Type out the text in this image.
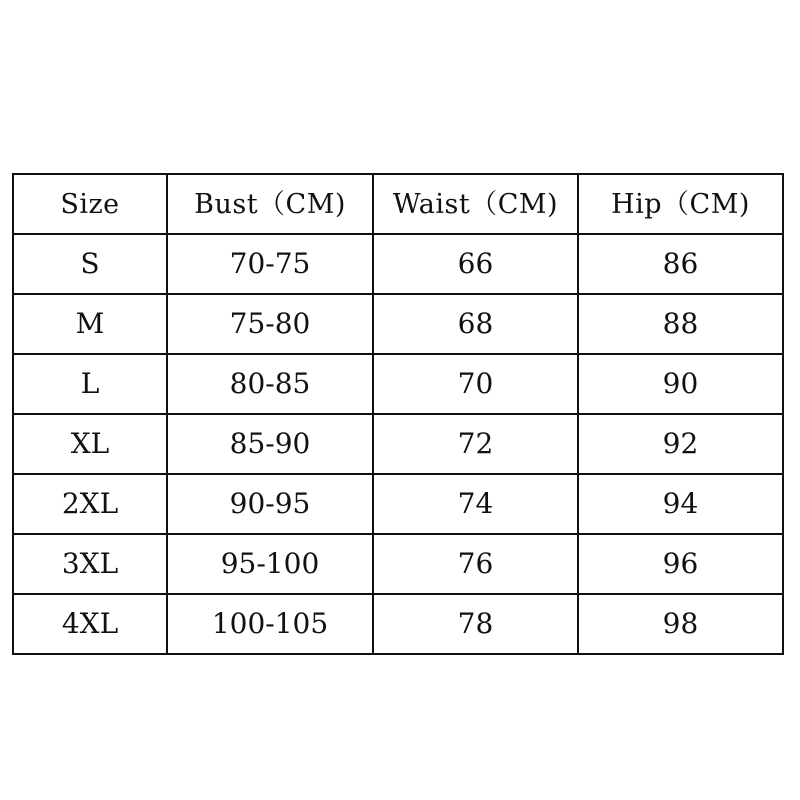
Size	Bust（CM)	Waist（CM)	Hip（CM)
S	70-75	66	86
M	75-80	68	88
L	80-85	70	90
XL	85-90	72	92
2XL	90-95	74	94
3XL	95-100	76	96
4XL	100-105	78	98
